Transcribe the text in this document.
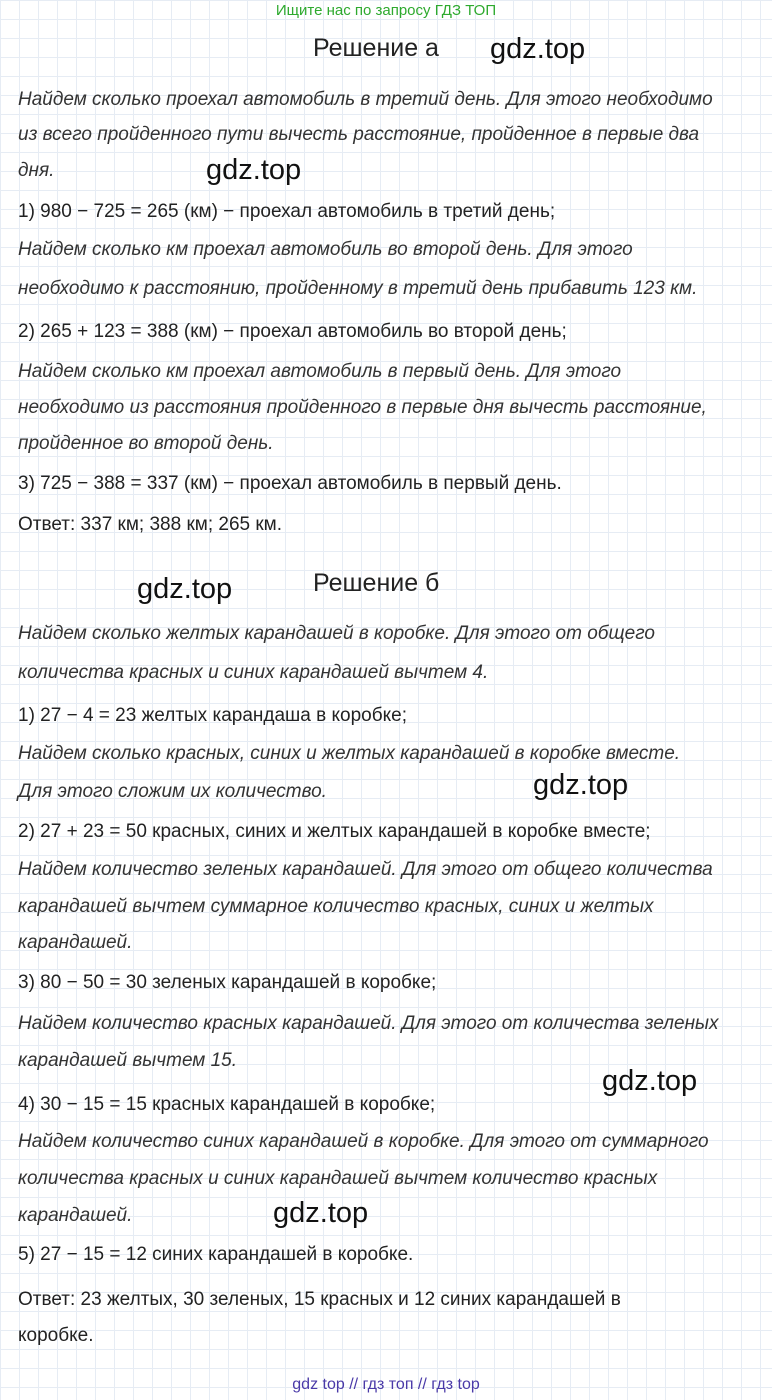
Ищите нас по запросу ГДЗ ТОП
Решение а gdz.top
Найдем сколько проехал автомобиль в третий день. Для этого необходимо
из всего пройденного пути вычесть расстояние, пройденное в первые два
дня.	gdz.top
1) 980 − 725 = 265 (км) − проехал автомобиль в третий день;
Найдем сколько км проехал автомобиль во второй день. Для этого
необходимо к расстоянию, пройденному в третий день прибавить 123 км.
2) 265 + 123 = 388 (км) − проехал автомобиль во второй день;
Найдем сколько км проехал автомобиль в первый день. Для этого
необходимо из расстояния пройденного в первые дня вычесть расстояние,
пройденное во второй день.
3) 725 − 388 = 337 (км) − проехал автомобиль в первый день.
Ответ: 337 км; 388 км; 265 км.
gdz.top	Решение б
Найдем сколько желтых карандашей в коробке. Для этого от общего
количества красных и синих карандашей вычтем 4.
1) 27 − 4 = 23 желтых карандаша в коробке;
Найдем сколько красных, синих и желтых карандашей в коробке вместе.
Для этого сложим их количество.	gdz.top
2) 27 + 23 = 50 красных, синих и желтых карандашей в коробке вместе;
Найдем количество зеленых карандашей. Для этого от общего количества
карандашей вычтем суммарное количество красных, синих и желтых
карандашей.
3) 80 − 50 = 30 зеленых карандашей в коробке;
Найдем количество красных карандашей. Для этого от количества зеленых
карандашей вычтем 15.
gdz.top
4) 30 − 15 = 15 красных карандашей в коробке;
Найдем количество синих карандашей в коробке. Для этого от суммарного
количества красных и синих карандашей вычтем количество красных
карандашей.	gdz.top
5) 27 − 15 = 12 синих карандашей в коробке.
Ответ: 23 желтых, 30 зеленых, 15 красных и 12 синих карандашей в
коробке.
gdz top // гдз топ // гдз top
